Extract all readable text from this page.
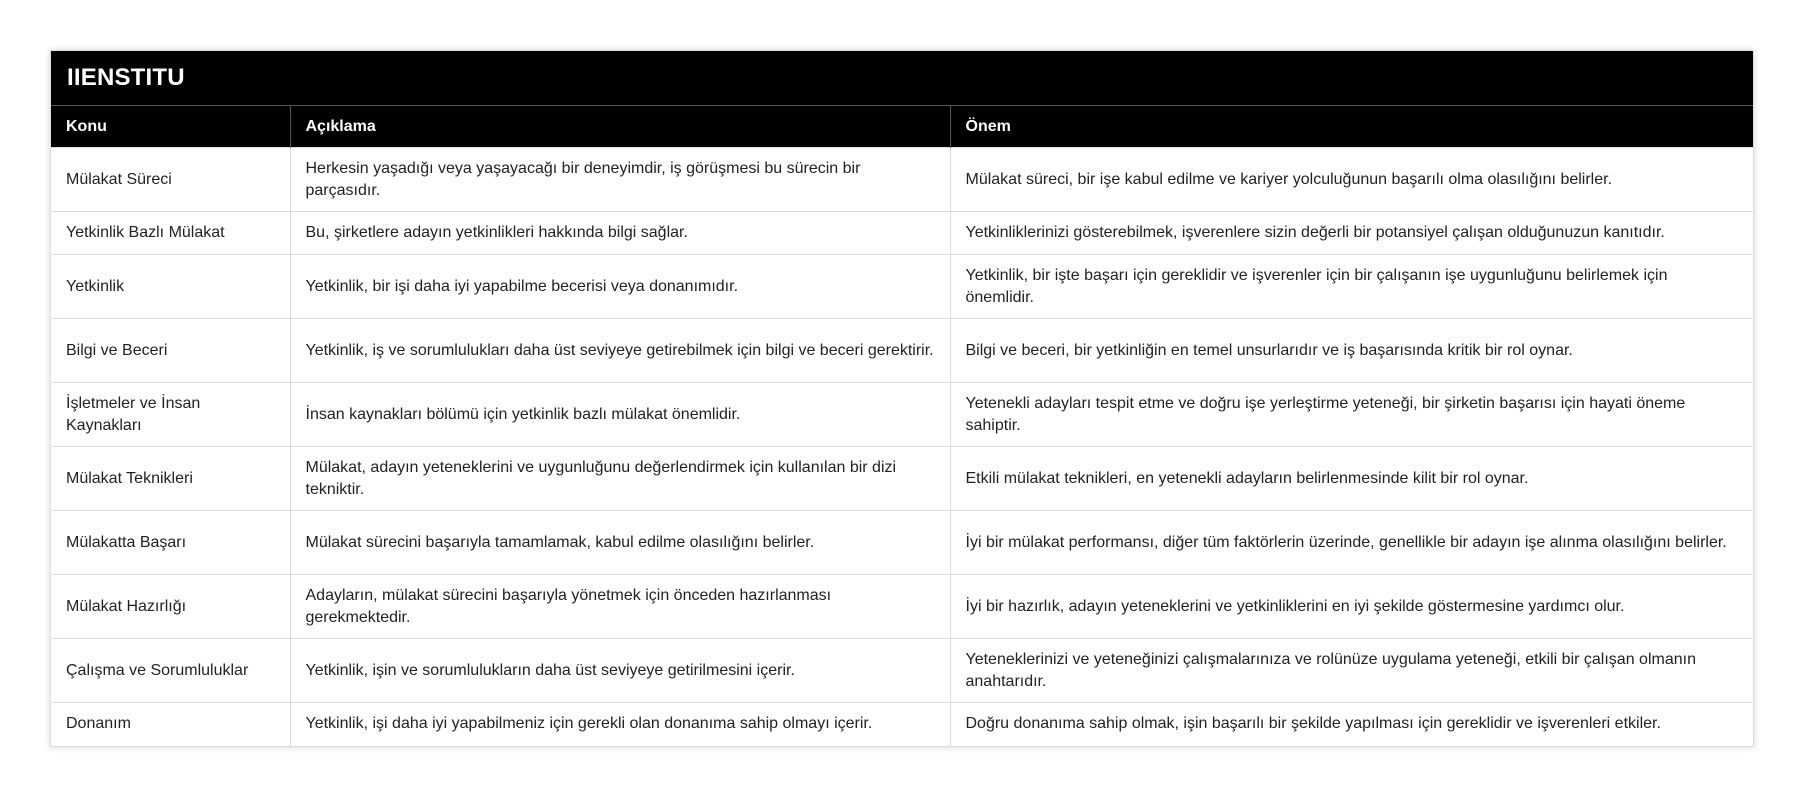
IIENSTITU
Konu	Açıklama	Önem
Mülakat Süreci	Herkesin yaşadığı veya yaşayacağı bir deneyimdir, iş görüşmesi bu sürecin bir parçasıdır.	Mülakat süreci, bir işe kabul edilme ve kariyer yolculuğunun başarılı olma olasılığını belirler.
Yetkinlik Bazlı Mülakat	Bu, şirketlere adayın yetkinlikleri hakkında bilgi sağlar.	Yetkinliklerinizi gösterebilmek, işverenlere sizin değerli bir potansiyel çalışan olduğunuzun kanıtıdır.
Yetkinlik	Yetkinlik, bir işi daha iyi yapabilme becerisi veya donanımıdır.	Yetkinlik, bir işte başarı için gereklidir ve işverenler için bir çalışanın işe uygunluğunu belirlemek için önemlidir.
Bilgi ve Beceri	Yetkinlik, iş ve sorumlulukları daha üst seviyeye getirebilmek için bilgi ve beceri gerektirir.	Bilgi ve beceri, bir yetkinliğin en temel unsurlarıdır ve iş başarısında kritik bir rol oynar.
İşletmeler ve İnsan Kaynakları	İnsan kaynakları bölümü için yetkinlik bazlı mülakat önemlidir.	Yetenekli adayları tespit etme ve doğru işe yerleştirme yeteneği, bir şirketin başarısı için hayati öneme sahiptir.
Mülakat Teknikleri	Mülakat, adayın yeteneklerini ve uygunluğunu değerlendirmek için kullanılan bir dizi tekniktir.	Etkili mülakat teknikleri, en yetenekli adayların belirlenmesinde kilit bir rol oynar.
Mülakatta Başarı	Mülakat sürecini başarıyla tamamlamak, kabul edilme olasılığını belirler.	İyi bir mülakat performansı, diğer tüm faktörlerin üzerinde, genellikle bir adayın işe alınma olasılığını belirler.
Mülakat Hazırlığı	Adayların, mülakat sürecini başarıyla yönetmek için önceden hazırlanması gerekmektedir.	İyi bir hazırlık, adayın yeteneklerini ve yetkinliklerini en iyi şekilde göstermesine yardımcı olur.
Çalışma ve Sorumluluklar	Yetkinlik, işin ve sorumlulukların daha üst seviyeye getirilmesini içerir.	Yeteneklerinizi ve yeteneğinizi çalışmalarınıza ve rolünüze uygulama yeteneği, etkili bir çalışan olmanın anahtarıdır.
Donanım	Yetkinlik, işi daha iyi yapabilmeniz için gerekli olan donanıma sahip olmayı içerir.	Doğru donanıma sahip olmak, işin başarılı bir şekilde yapılması için gereklidir ve işverenleri etkiler.
